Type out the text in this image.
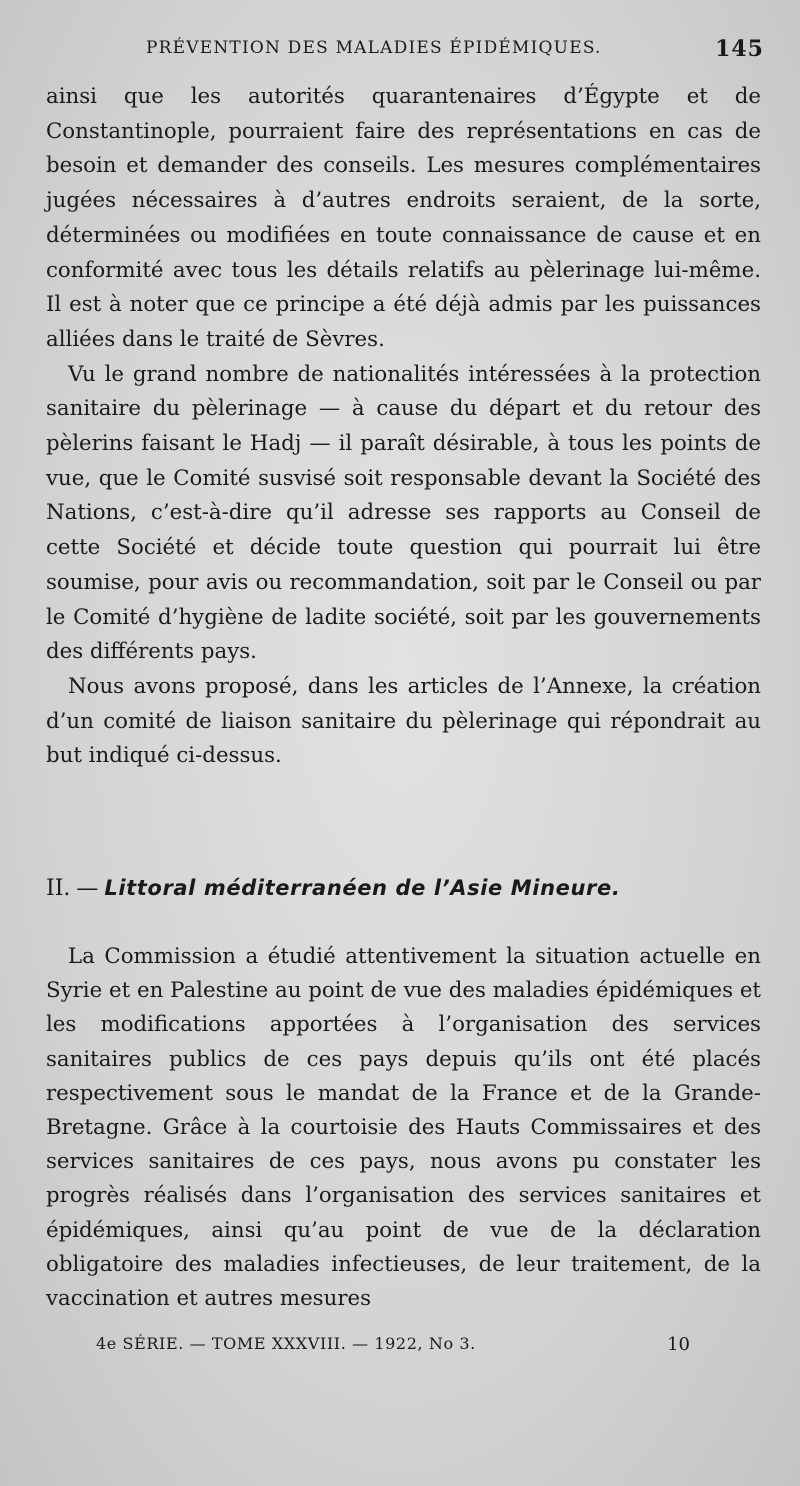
PRÉVENTION DES MALADIES ÉPIDÉMIQUES.	145

ainsi que les autorités quarantenaires d’Égypte et de Constantinople, pourraient faire des représentations en cas de besoin et demander des conseils. Les mesures complémentaires jugées nécessaires à d’autres endroits seraient, de la sorte, déterminées ou modifiées en toute connaissance de cause et en conformité avec tous les détails relatifs au pèlerinage lui-même. Il est à noter que ce principe a été déjà admis par les puissances alliées dans le traité de Sèvres.

Vu le grand nombre de nationalités intéressées à la protection sanitaire du pèlerinage — à cause du départ et du retour des pèlerins faisant le Hadj — il paraît désirable, à tous les points de vue, que le Comité susvisé soit responsable devant la Société des Nations, c’est-à-dire qu’il adresse ses rapports au Conseil de cette Société et décide toute question qui pourrait lui être soumise, pour avis ou recommandation, soit par le Conseil ou par le Comité d’hygiène de ladite société, soit par les gouvernements des différents pays.

Nous avons proposé, dans les articles de l’Annexe, la création d’un comité de liaison sanitaire du pèlerinage qui répondrait au but indiqué ci-dessus.

II. — Littoral méditerranéen de l’Asie Mineure.

La Commission a étudié attentivement la situation actuelle en Syrie et en Palestine au point de vue des maladies épidémiques et les modifications apportées à l’organisation des services sanitaires publics de ces pays depuis qu’ils ont été placés respectivement sous le mandat de la France et de la Grande-Bretagne. Grâce à la courtoisie des Hauts Commissaires et des services sanitaires de ces pays, nous avons pu constater les progrès réalisés dans l’organisation des services sanitaires et épidémiques, ainsi qu’au point de vue de la déclaration obligatoire des maladies infectieuses, de leur traitement, de la vaccination et autres mesures

4e SÉRIE. — TOME XXXVIII. — 1922, No 3.	10
